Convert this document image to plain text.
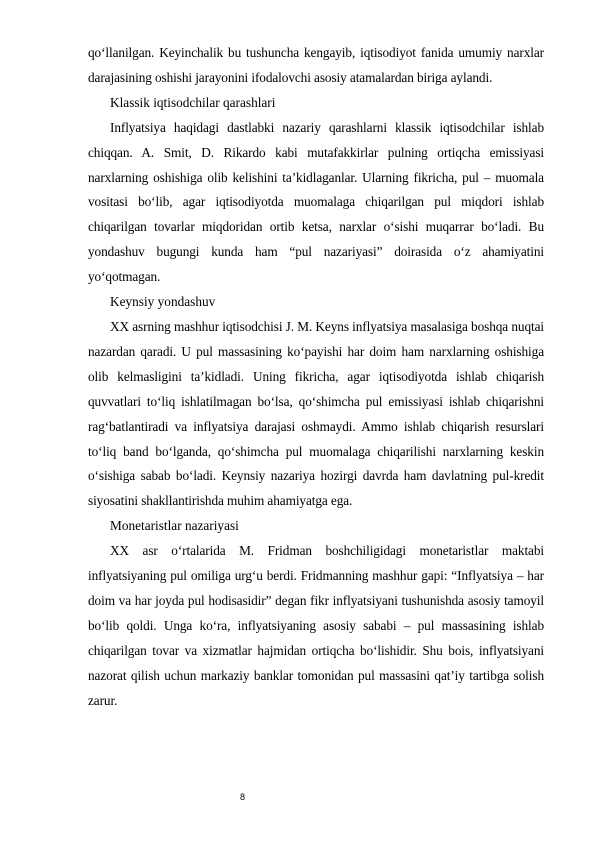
qo‘llanilgan. Keyinchalik bu tushuncha kengayib, iqtisodiyot fanida umumiy narxlar darajasining oshishi jarayonini ifodalovchi asosiy atamalardan biriga aylandi.

Klassik iqtisodchilar qarashlari

Inflyatsiya haqidagi dastlabki nazariy qarashlarni klassik iqtisodchilar ishlab chiqqan. A. Smit, D. Rikardo kabi mutafakkirlar pulning ortiqcha emissiyasi narxlarning oshishiga olib kelishini ta’kidlaganlar. Ularning fikricha, pul – muomala vositasi bo‘lib, agar iqtisodiyotda muomalaga chiqarilgan pul miqdori ishlab chiqarilgan tovarlar miqdoridan ortib ketsa, narxlar o‘sishi muqarrar bo‘ladi. Bu yondashuv bugungi kunda ham “pul nazariyasi” doirasida o‘z ahamiyatini yo‘qotmagan.

Keynsiy yondashuv

XX asrning mashhur iqtisodchisi J. M. Keyns inflyatsiya masalasiga boshqa nuqtai nazardan qaradi. U pul massasining ko‘payishi har doim ham narxlarning oshishiga olib kelmasligini ta’kidladi. Uning fikricha, agar iqtisodiyotda ishlab chiqarish quvvatlari to‘liq ishlatilmagan bo‘lsa, qo‘shimcha pul emissiyasi ishlab chiqarishni rag‘batlantiradi va inflyatsiya darajasi oshmaydi. Ammo ishlab chiqarish resurslari to‘liq band bo‘lganda, qo‘shimcha pul muomalaga chiqarilishi narxlarning keskin o‘sishiga sabab bo‘ladi. Keynsiy nazariya hozirgi davrda ham davlatning pul-kredit siyosatini shakllantirishda muhim ahamiyatga ega.

Monetaristlar nazariyasi

XX asr o‘rtalarida M. Fridman boshchiligidagi monetaristlar maktabi inflyatsiyaning pul omiliga urg‘u berdi. Fridmanning mashhur gapi: “Inflyatsiya – har doim va har joyda pul hodisasidir” degan fikr inflyatsiyani tushunishda asosiy tamoyil bo‘lib qoldi. Unga ko‘ra, inflyatsiyaning asosiy sababi – pul massasining ishlab chiqarilgan tovar va xizmatlar hajmidan ortiqcha bo‘lishidir. Shu bois, inflyatsiyani nazorat qilish uchun markaziy banklar tomonidan pul massasini qat’iy tartibga solish zarur.

8
